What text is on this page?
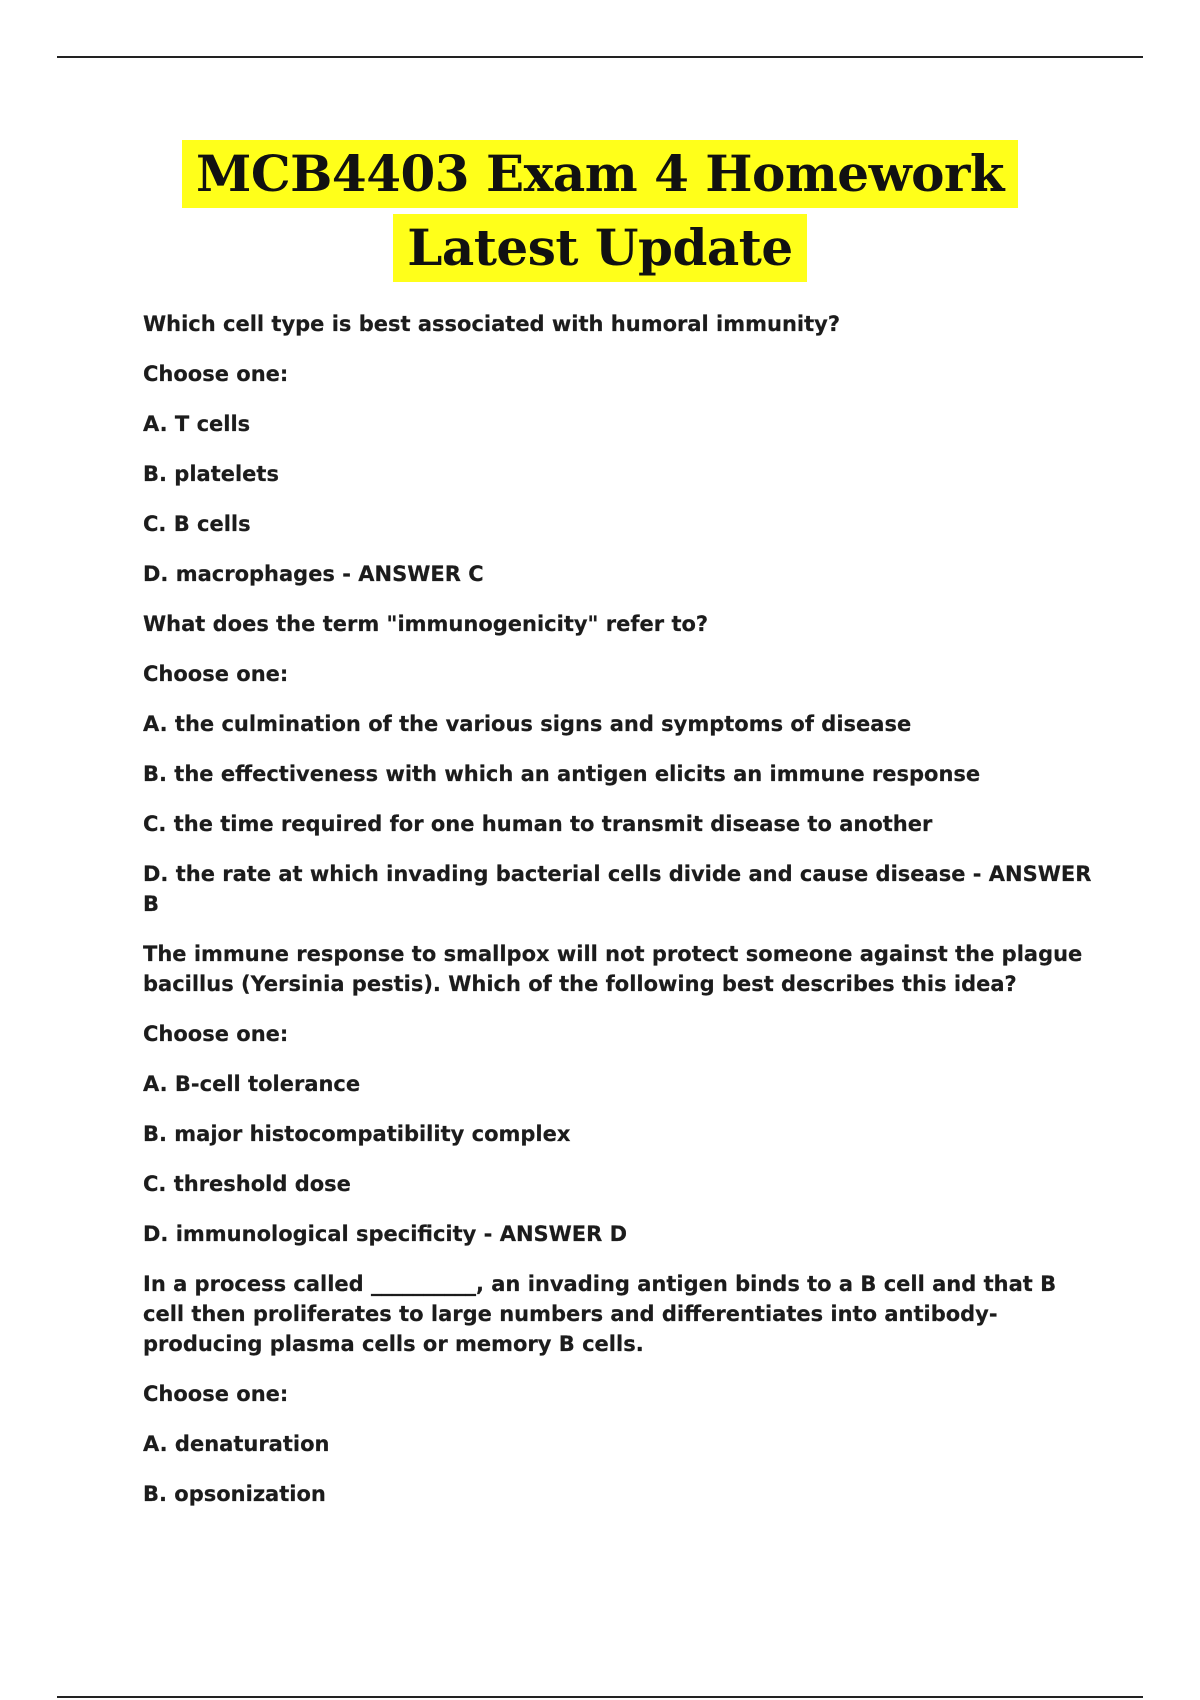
MCB4403 Exam 4 Homework
Latest Update

Which cell type is best associated with humoral immunity?

Choose one:

A. T cells

B. platelets

C. B cells

D. macrophages - ANSWER C

What does the term "immunogenicity" refer to?

Choose one:

A. the culmination of the various signs and symptoms of disease

B. the effectiveness with which an antigen elicits an immune response

C. the time required for one human to transmit disease to another

D. the rate at which invading bacterial cells divide and cause disease - ANSWER B

The immune response to smallpox will not protect someone against the plague bacillus (Yersinia pestis). Which of the following best describes this idea?

Choose one:

A. B-cell tolerance

B. major histocompatibility complex

C. threshold dose

D. immunological specificity - ANSWER D

In a process called __________, an invading antigen binds to a B cell and that B cell then proliferates to large numbers and differentiates into antibody-producing plasma cells or memory B cells.

Choose one:

A. denaturation

B. opsonization
